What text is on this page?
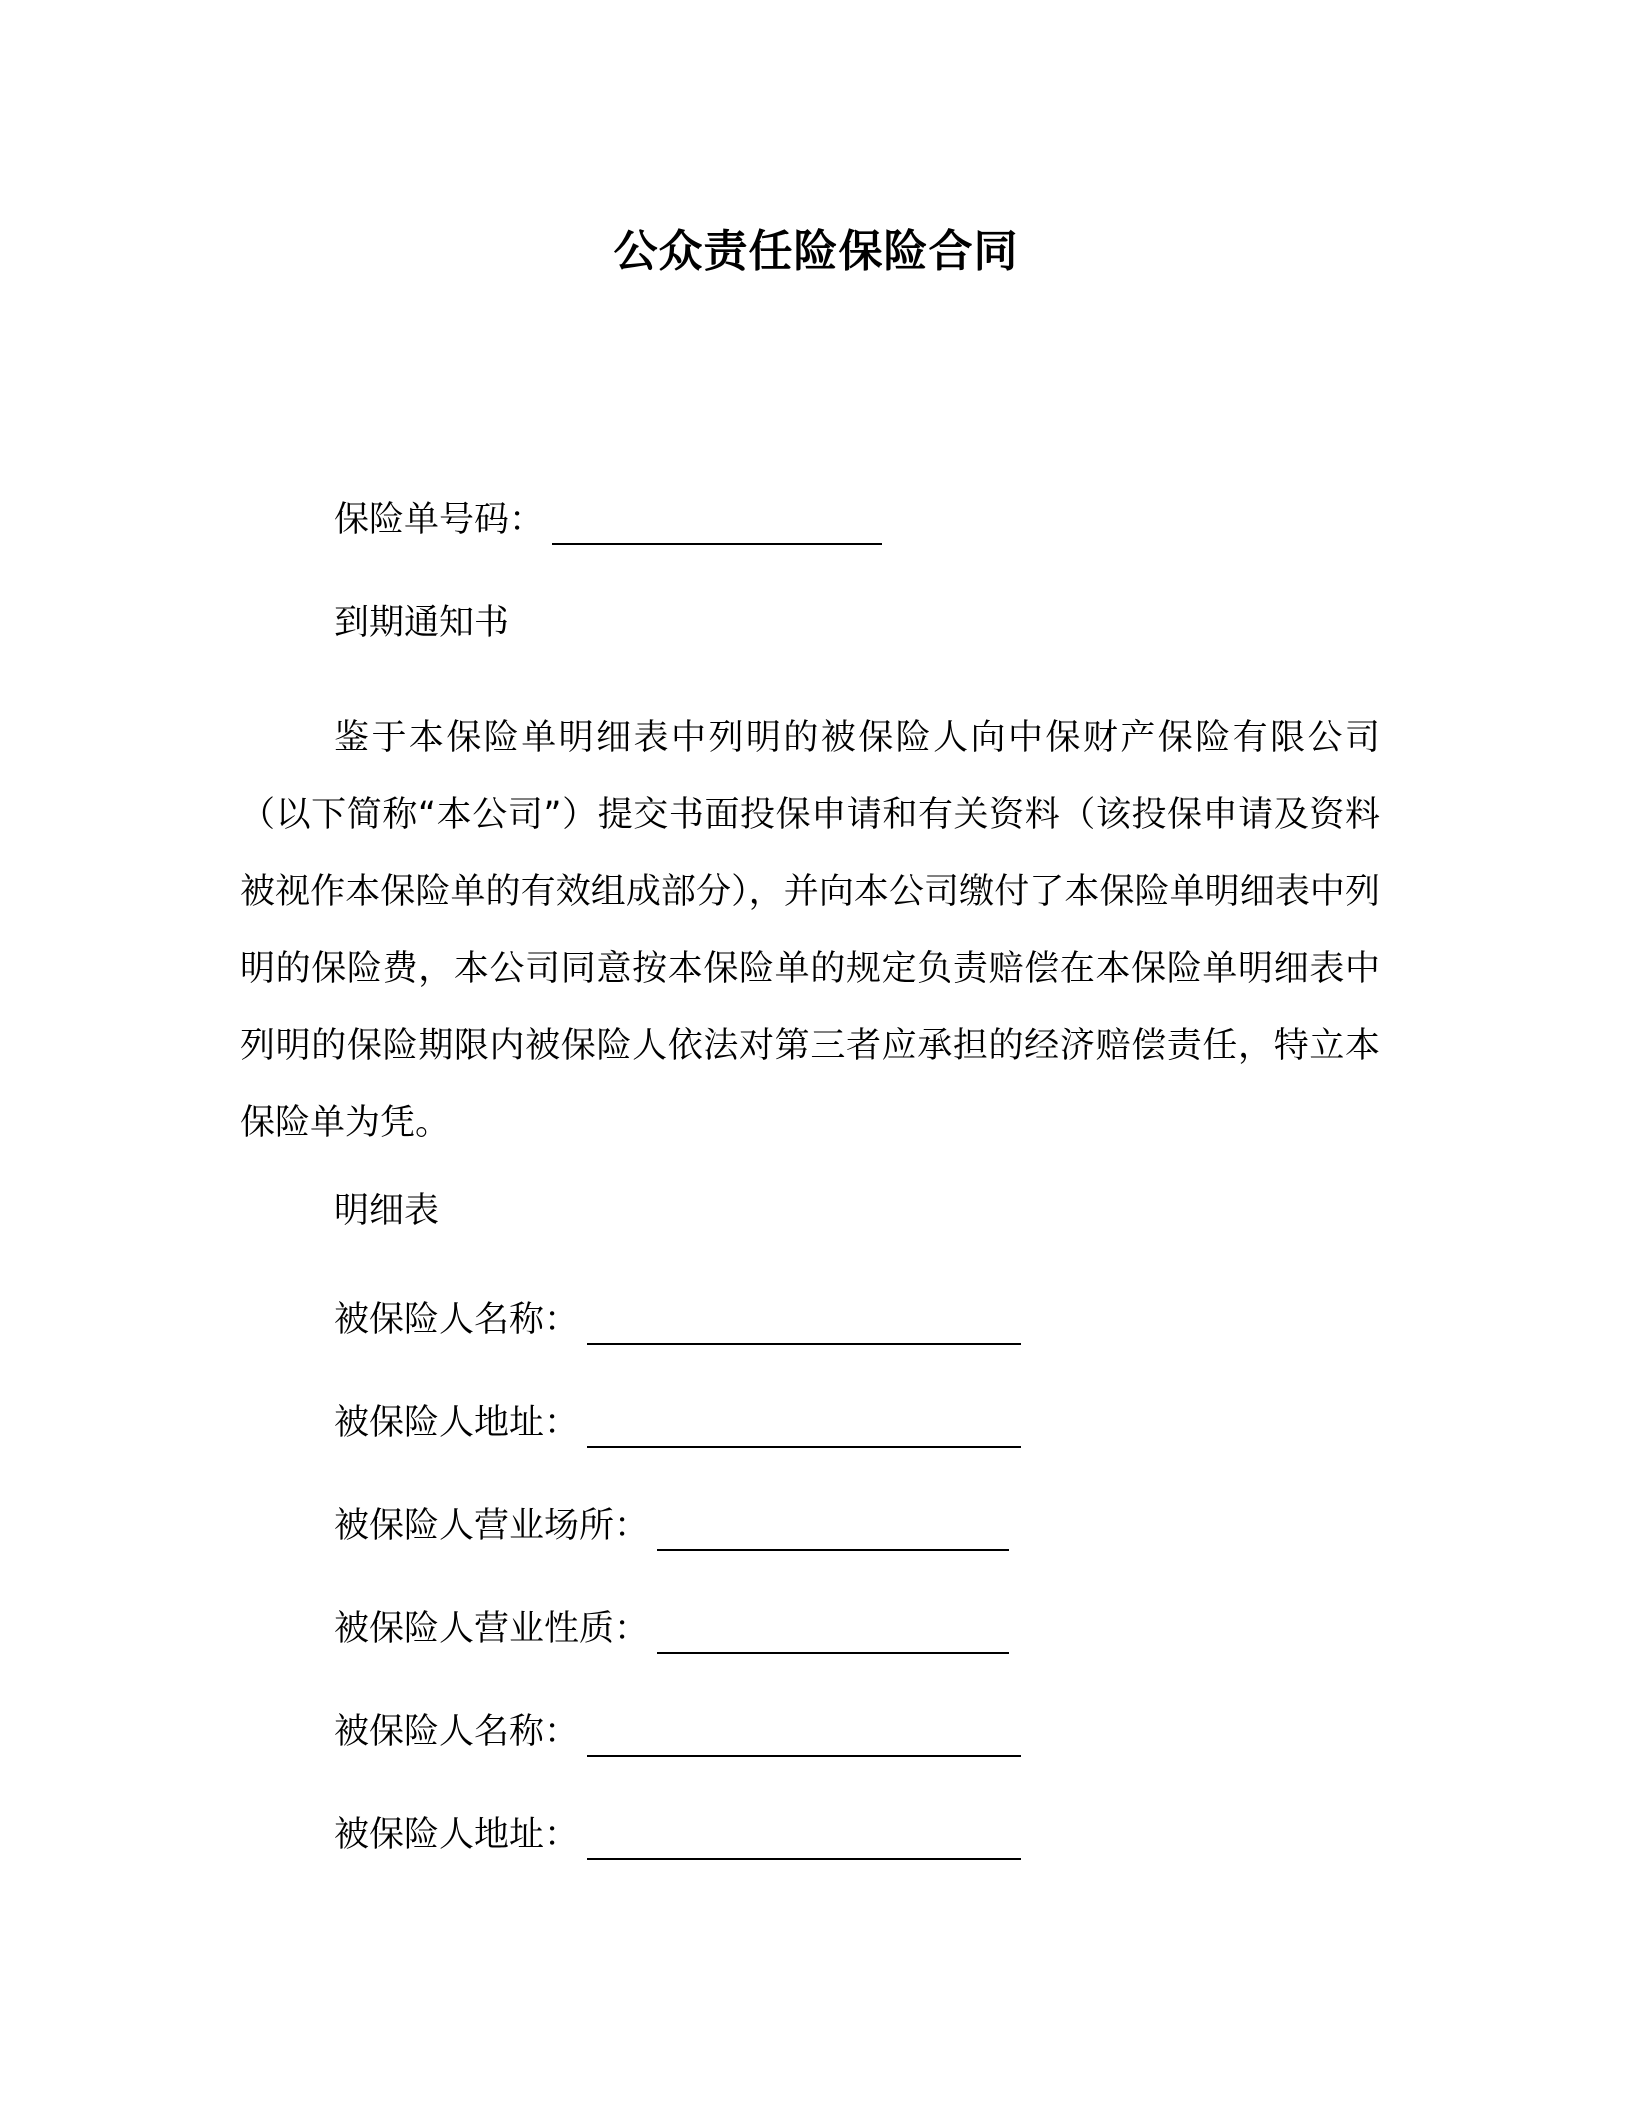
公众责任险保险合同
保险单号码：
到期通知书

鉴于本保险单明细表中列明的被保险人向中保财产保险有限公司（以下简称“本公司”）提交书面投保申请和有关资料（该投保申请及资料被视作本保险单的有效组成部分），并向本公司缴付了本保险单明细表中列明的保险费，本公司同意按本保险单的规定负责赔偿在本保险单明细表中列明的保险期限内被保险人依法对第三者应承担的经济赔偿责任，特立本保险单为凭。

明细表
被保险人名称：
被保险人地址：
被保险人营业场所：
被保险人营业性质：
被保险人名称：
被保险人地址：
